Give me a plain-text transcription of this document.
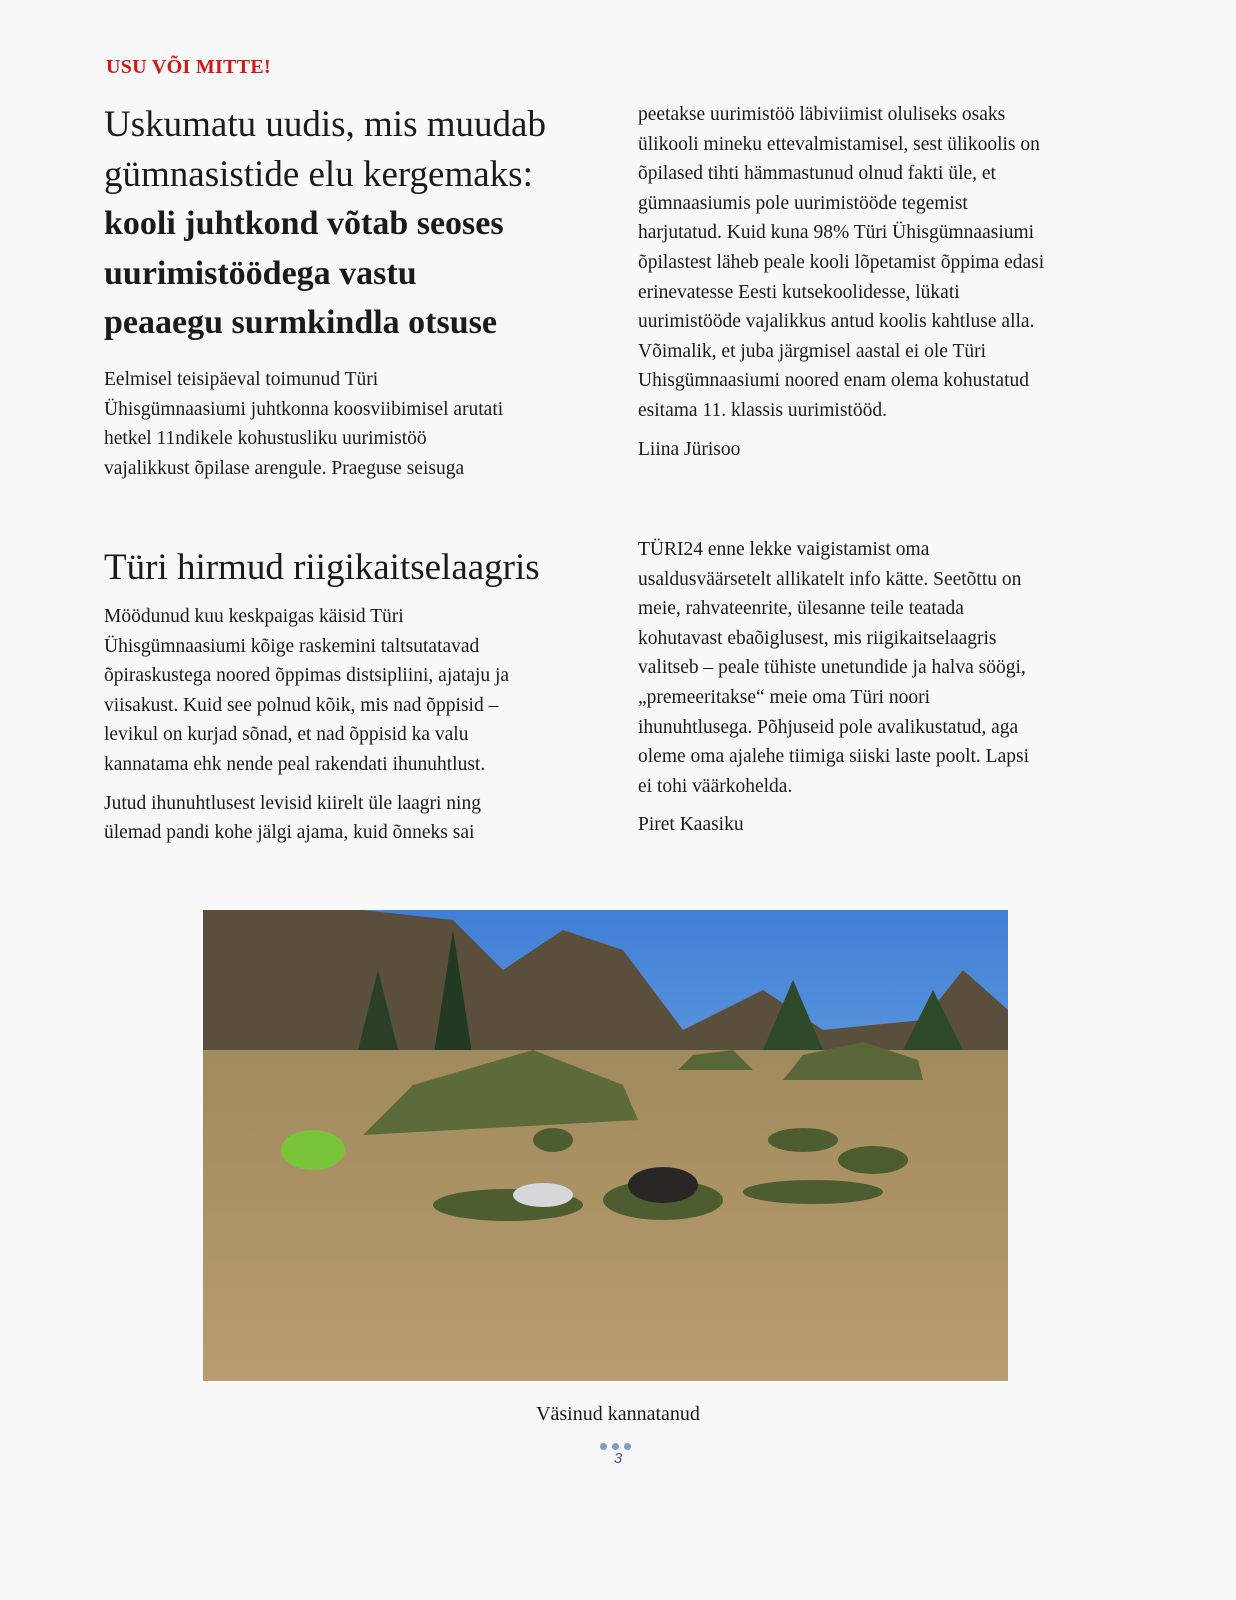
USU VÕI MITTE!
Uskumatu uudis, mis muudab
gümnasistide elu kergemaks:
kooli juhtkond võtab seoses
uurimistöödega vastu
peaaegu surmkindla otsuse
Eelmisel teisipäeval toimunud Türi
Ühisgümnaasiumi juhtkonna koosviibimisel arutati
hetkel 11ndikele kohustusliku uurimistöö
vajalikkust õpilase arengule. Praeguse seisuga
peetakse uurimistöö läbiviimist oluliseks osaks
ülikooli mineku ettevalmistamisel, sest ülikoolis on
õpilased tihti hämmastunud olnud fakti üle, et
gümnaasiumis pole uurimistööde tegemist
harjutatud. Kuid kuna 98% Türi Ühisgümnaasiumi
õpilastest läheb peale kooli lõpetamist õppima edasi
erinevatesse Eesti kutsekoolidesse, lükati
uurimistööde vajalikkus antud koolis kahtluse alla.
Võimalik, et juba järgmisel aastal ei ole Türi
Uhisgümnaasiumi noored enam olema kohustatud
esitama 11. klassis uurimistööd.
Liina Jürisoo
Türi hirmud riigikaitselaagris
Möödunud kuu keskpaigas käisid Türi
Ühisgümnaasiumi kõige raskemini taltsutatavad
õpiraskustega noored õppimas distsipliini, ajataju ja
viisakust. Kuid see polnud kõik, mis nad õppisid –
levikul on kurjad sõnad, et nad õppisid ka valu
kannatama ehk nende peal rakendati ihunuhtlust.
Jutud ihunuhtlusest levisid kiirelt üle laagri ning
ülemad pandi kohe jälgi ajama, kuid õnneks sai
TÜRI24 enne lekke vaigistamist oma
usaldusväärsetelt allikatelt info kätte. Seetõttu on
meie, rahvateenrite, ülesanne teile teatada
kohutavast ebaõiglusest, mis riigikaitselaagris
valitseb – peale tühiste unetundide ja halva söögi,
„premeeritakse“ meie oma Türi noori
ihunuhtlusega. Põhjuseid pole avalikustatud, aga
oleme oma ajalehe tiimiga siiski laste poolt. Lapsi
ei tohi väärkohelda.
Piret Kaasiku
Väsinud kannatanud
3
